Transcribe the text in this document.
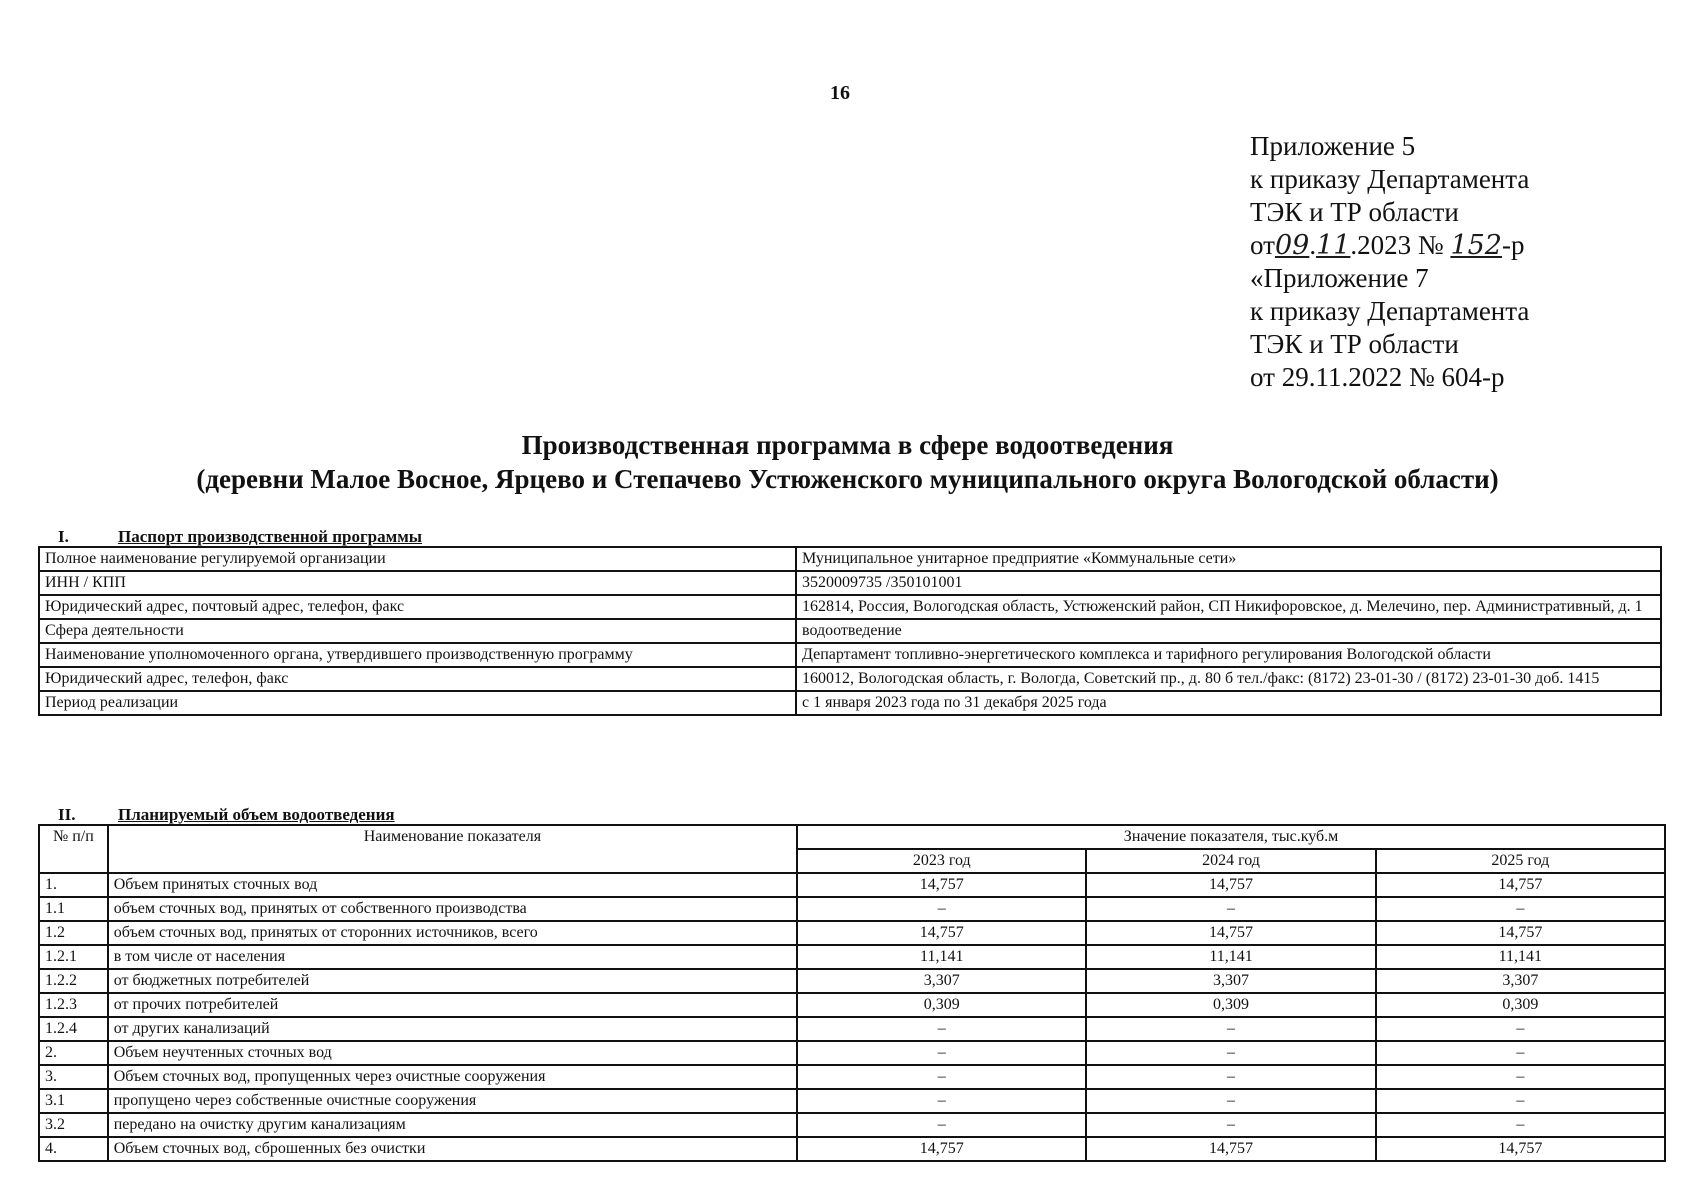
16
Приложение 5
к приказу Департамента
ТЭК и ТР области
от09.11.2023 № 152-р
«Приложение 7
к приказу Департамента
ТЭК и ТР области
от 29.11.2022 № 604-р
Производственная программа в сфере водоотведения
(деревни Малое Восное, Ярцево и Степачево Устюженского муниципального округа Вологодской области)
I.	Паспорт производственной программы
Полное наименование регулируемой организации	Муниципальное унитарное предприятие «Коммунальные сети»
ИНН / КПП	3520009735 /350101001
Юридический адрес, почтовый адрес, телефон, факс	162814, Россия, Вологодская область, Устюженский район, СП Никифоровское, д. Мелечино, пер. Административный, д. 1
Сфера деятельности	водоотведение
Наименование уполномоченного органа, утвердившего производственную программу	Департамент топливно-энергетического комплекса и тарифного регулирования Вологодской области
Юридический адрес, телефон, факс	160012, Вологодская область, г. Вологда, Советский пр., д. 80 б тел./факс: (8172) 23-01-30 / (8172) 23-01-30 доб. 1415
Период реализации	с 1 января 2023 года по 31 декабря 2025 года
II.	Планируемый объем водоотведения
№ п/п	Наименование показателя	Значение показателя, тыс.куб.м		
		2023 год	2024 год	2025 год
1.	Объем принятых сточных вод	14,757	14,757	14,757
1.1	объем сточных вод, принятых от собственного производства	–	–	–
1.2	объем сточных вод, принятых от сторонних источников, всего	14,757	14,757	14,757
1.2.1	в том числе от населения	11,141	11,141	11,141
1.2.2	от бюджетных потребителей	3,307	3,307	3,307
1.2.3	от прочих потребителей	0,309	0,309	0,309
1.2.4	от других канализаций	–	–	–
2.	Объем неучтенных сточных вод	–	–	–
3.	Объем сточных вод, пропущенных через очистные сооружения	–	–	–
3.1	пропущено через собственные очистные сооружения	–	–	–
3.2	передано на очистку другим канализациям	–	–	–
4.	Объем сточных вод, сброшенных без очистки	14,757	14,757	14,757
